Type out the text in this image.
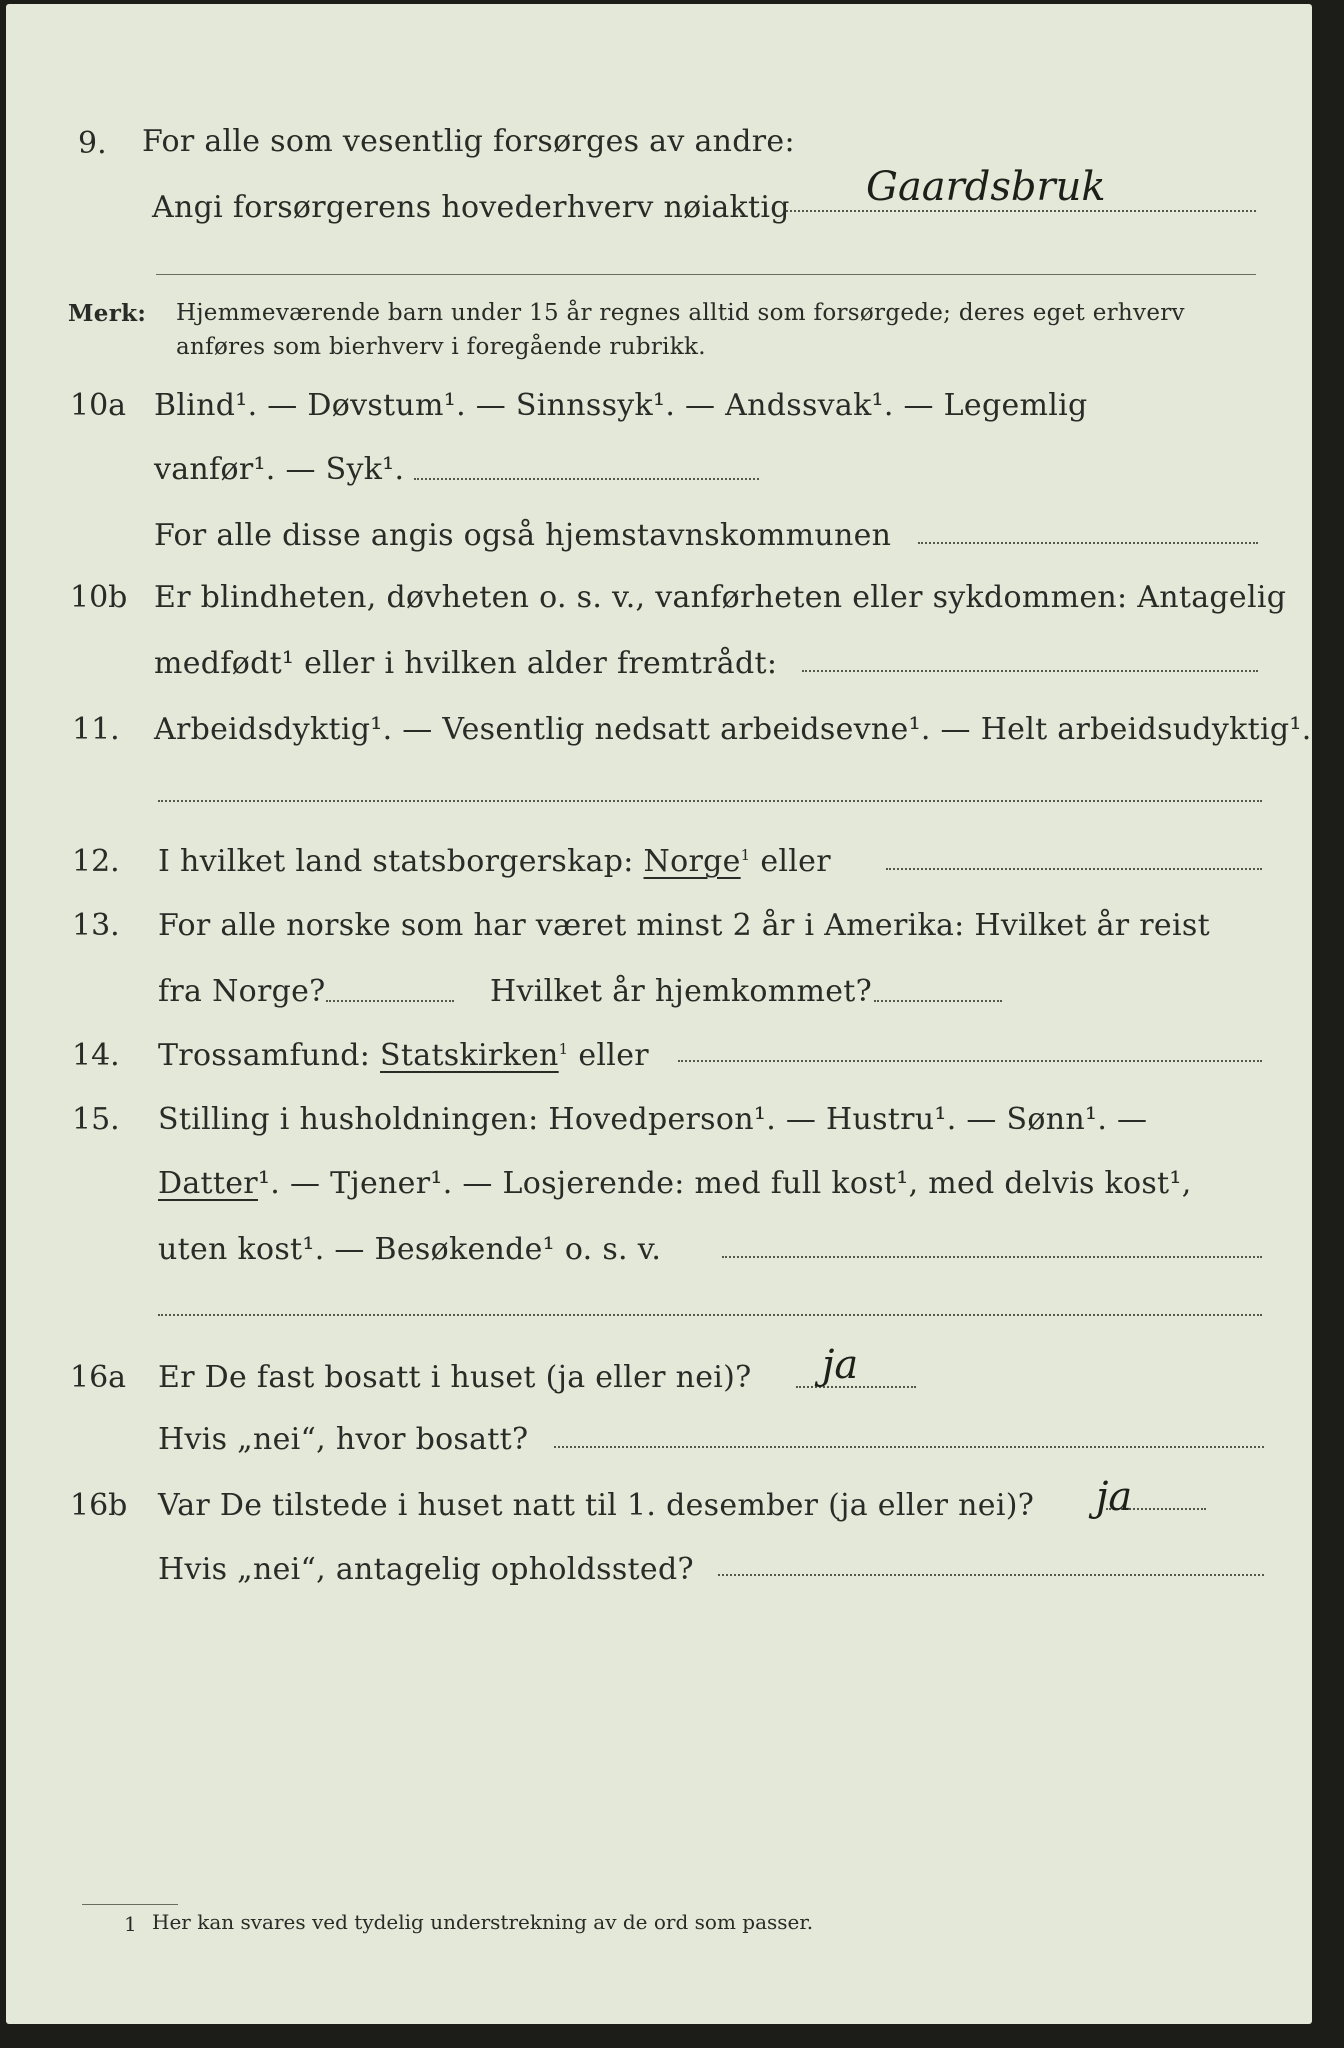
9. For alle som vesentlig forsørges av andre:
Angi forsørgerens hovederhverv nøiaktig Gaardsbruk
Merk: Hjemmeværende barn under 15 år regnes alltid som forsørgede; deres eget erhverv
anføres som bierhverv i foregående rubrikk.
10a Blind¹. — Døvstum¹. — Sinnssyk¹. — Andssvak¹. — Legemlig
vanfør¹. — Syk¹.
For alle disse angis også hjemstavnskommunen
10b Er blindheten, døvheten o. s. v., vanførheten eller sykdommen: Antagelig
medfødt¹ eller i hvilken alder fremtrådt:
11. Arbeidsdyktig¹. — Vesentlig nedsatt arbeidsevne¹. — Helt arbeidsudyktig¹.
12. I hvilket land statsborgerskap: Norge$^1$ eller
13. For alle norske som har været minst 2 år i Amerika: Hvilket år reist
fra Norge?	Hvilket år hjemkommet?
14. Trossamfund: Statskirken$^1$ eller
15. Stilling i husholdningen: Hovedperson¹. — Hustru¹. — Sønn¹. —
Datter¹. — Tjener¹. — Losjerende: med full kost¹, med delvis kost¹,
uten kost¹. — Besøkende¹ o. s. v.
16a Er De fast bosatt i huset (ja eller nei)? ja
Hvis „nei“, hvor bosatt?
16b Var De tilstede i huset natt til 1. desember (ja eller nei)? ja
Hvis „nei“, antagelig opholdssted?
1 Her kan svares ved tydelig understrekning av de ord som passer.
